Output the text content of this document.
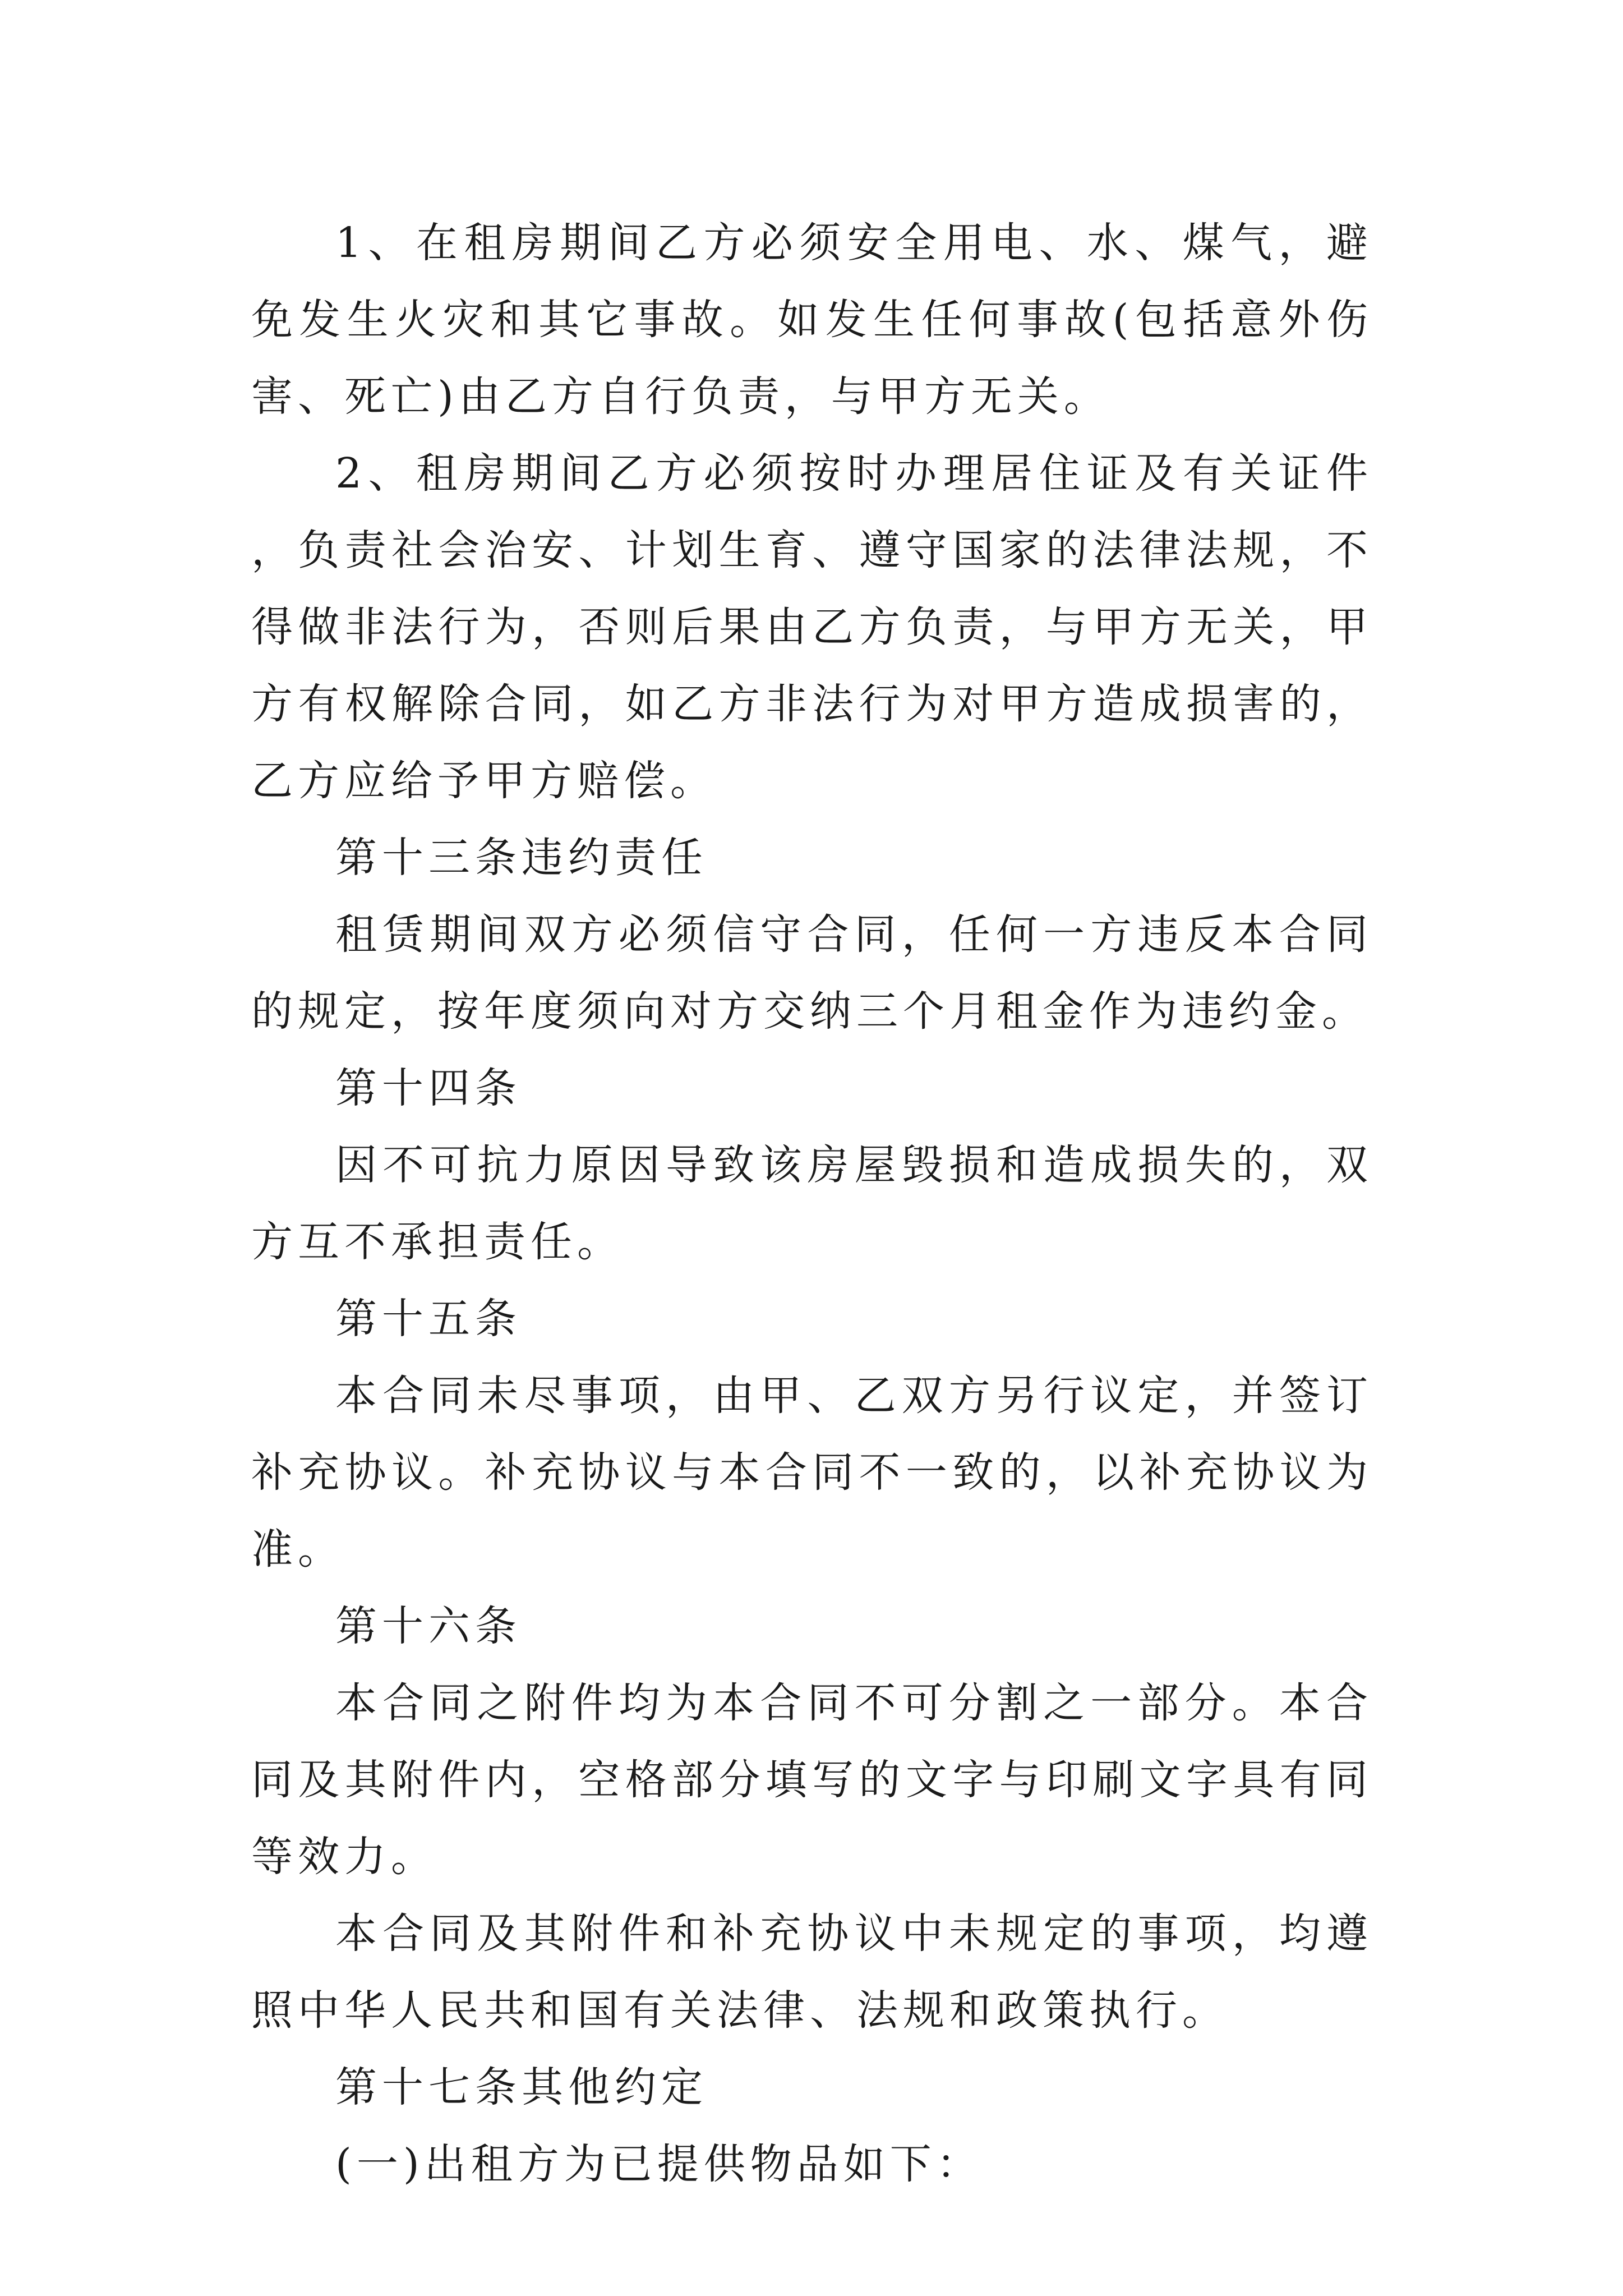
1、在租房期间乙方必须安全用电、水、煤气，避免发生火灾和其它事故。如发生任何事故(包括意外伤害、死亡)由乙方自行负责，与甲方无关。

2、租房期间乙方必须按时办理居住证及有关证件，负责社会治安、计划生育、遵守国家的法律法规，不得做非法行为，否则后果由乙方负责，与甲方无关，甲方有权解除合同，如乙方非法行为对甲方造成损害的，乙方应给予甲方赔偿。

第十三条违约责任

租赁期间双方必须信守合同，任何一方违反本合同的规定，按年度须向对方交纳三个月租金作为违约金。

第十四条

因不可抗力原因导致该房屋毁损和造成损失的，双方互不承担责任。

第十五条

本合同未尽事项，由甲、乙双方另行议定，并签订补充协议。补充协议与本合同不一致的，以补充协议为准。

第十六条

本合同之附件均为本合同不可分割之一部分。本合同及其附件内，空格部分填写的文字与印刷文字具有同等效力。

本合同及其附件和补充协议中未规定的事项，均遵照中华人民共和国有关法律、法规和政策执行。

第十七条其他约定

(一)出租方为已提供物品如下：
